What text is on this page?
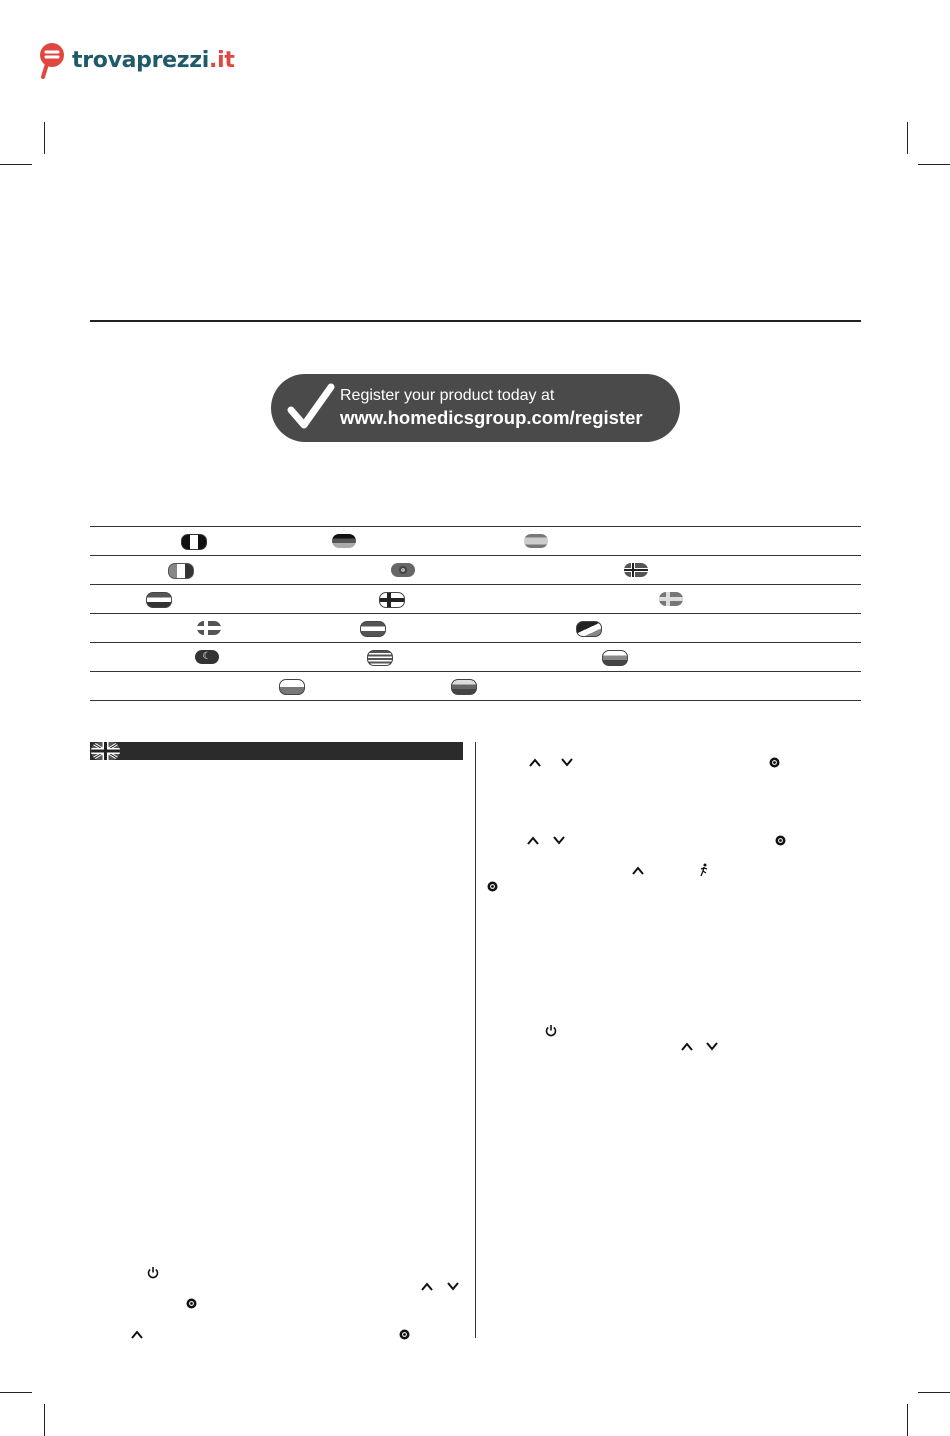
trovaprezzi.it
Register your product today at
www.homedicsgroup.com/register
☾
